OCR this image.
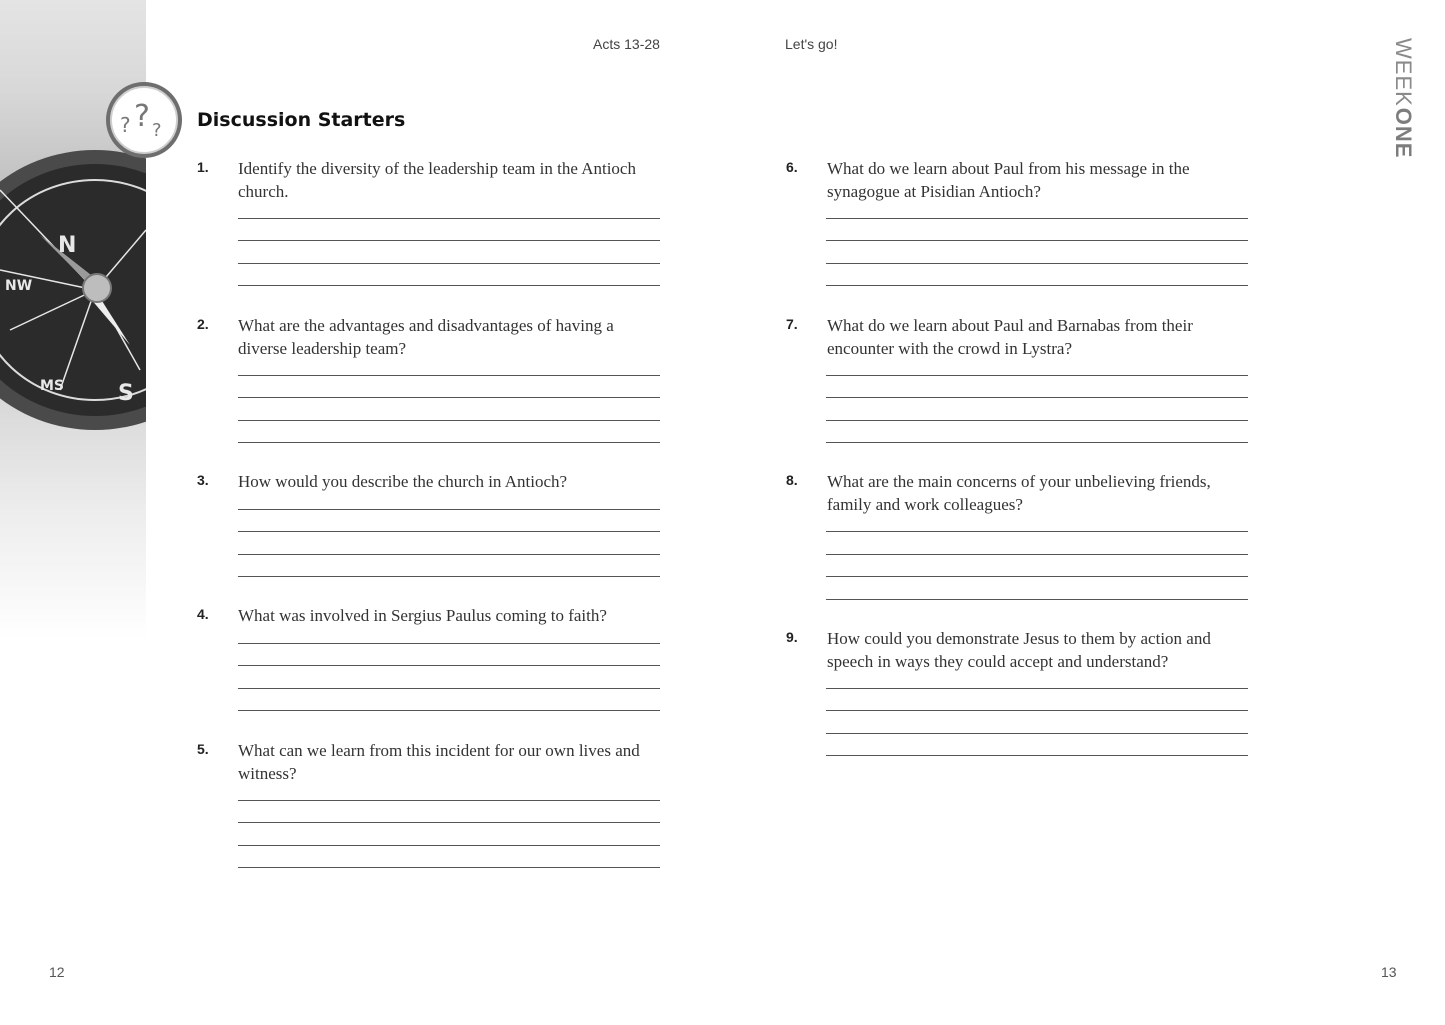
N
S
NW
MS
Acts 13-28	Let's go!	WEEKONE
? ? ? Discussion Starters
1. Identify the diversity of the leadership team in the Antioch church.
2. What are the advantages and disadvantages of having a diverse leadership team?
3. How would you describe the church in Antioch?
4. What was involved in Sergius Paulus coming to faith?
5. What can we learn from this incident for our own lives and witness?
6. What do we learn about Paul from his message in the synagogue at Pisidian Antioch?
7. What do we learn about Paul and Barnabas from their encounter with the crowd in Lystra?
8. What are the main concerns of your unbelieving friends, family and work colleagues?
9. How could you demonstrate Jesus to them by action and speech in ways they could accept and understand?
12	13
